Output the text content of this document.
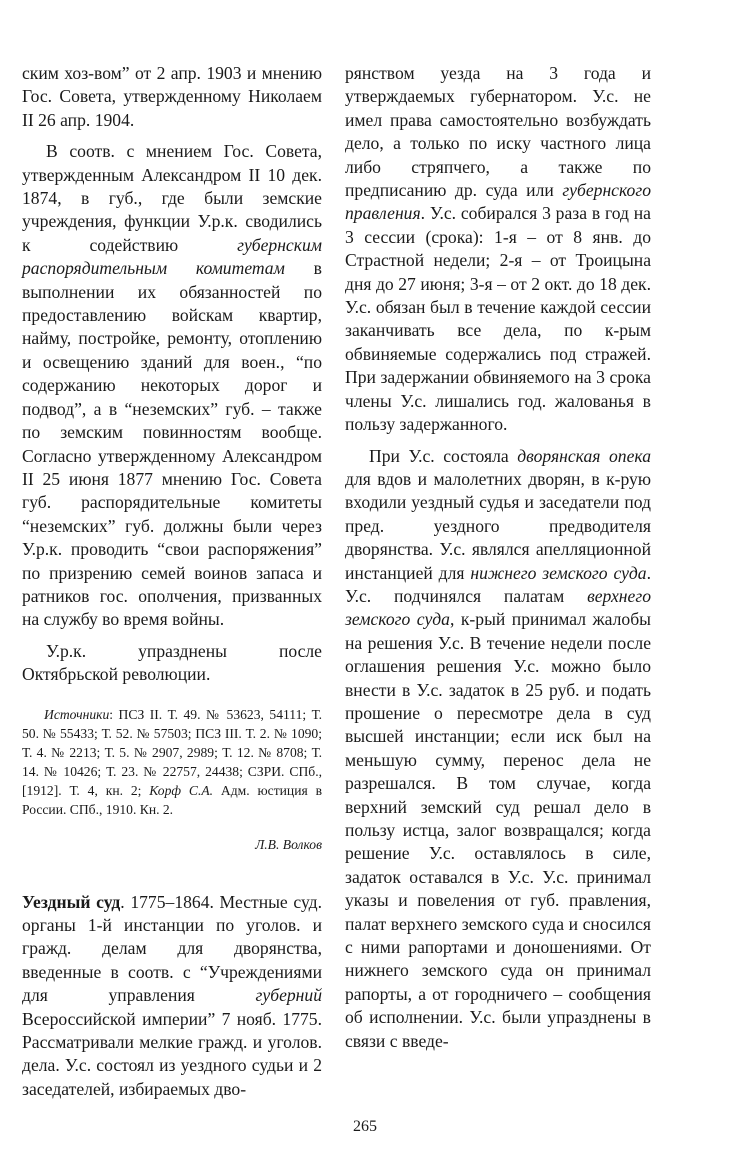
ским хоз-вом” от 2 апр. 1903 и мнению Гос. Совета, утвержденному Николаем II 26 апр. 1904.

В соотв. с мнением Гос. Совета, утвержденным Александром II 10 дек. 1874, в губ., где были земские учреждения, функции У.р.к. сводились к содействию губернским распорядительным комитетам в выполнении их обязанностей по предоставлению войскам квартир, найму, постройке, ремонту, отоплению и освещению зданий для воен., “по содержанию некоторых дорог и подвод”, а в “неземских” губ. – также по земским повинностям вообще. Согласно утвержденному Александром II 25 июня 1877 мнению Гос. Совета губ. распорядительные комитеты “неземских” губ. должны были через У.р.к. проводить “свои распоряжения” по призрению семей воинов запаса и ратников гос. ополчения, призванных на службу во время войны.

У.р.к. упразднены после Октябрьской революции.

Источники: ПСЗ II. Т. 49. № 53623, 54111; Т. 50. № 55433; Т. 52. № 57503; ПСЗ III. Т. 2. № 1090; Т. 4. № 2213; Т. 5. № 2907, 2989; Т. 12. № 8708; Т. 14. № 10426; Т. 23. № 22757, 24438; СЗРИ. СПб., [1912]. Т. 4, кн. 2; Корф С.А. Адм. юстиция в России. СПб., 1910. Кн. 2.

Л.В. Волков

Уездный суд. 1775–1864. Местные суд. органы 1-й инстанции по уголов. и гражд. делам для дворянства, введенные в соотв. с “Учреждениями для управления губерний Всероссийской империи” 7 нояб. 1775. Рассматривали мелкие гражд. и уголов. дела. У.с. состоял из уездного судьи и 2 заседателей, избираемых дво-

рянством уезда на 3 года и утверждаемых губернатором. У.с. не имел права самостоятельно возбуждать дело, а только по иску частного лица либо стряпчего, а также по предписанию др. суда или губернского правления. У.с. собирался 3 раза в год на 3 сессии (срока): 1-я – от 8 янв. до Страстной недели; 2-я – от Троицына дня до 27 июня; 3-я – от 2 окт. до 18 дек. У.с. обязан был в течение каждой сессии заканчивать все дела, по к-рым обвиняемые содержались под стражей. При задержании обвиняемого на 3 срока члены У.с. лишались год. жалованья в пользу задержанного.

При У.с. состояла дворянская опека для вдов и малолетних дворян, в к-рую входили уездный судья и заседатели под пред. уездного предводителя дворянства. У.с. являлся апелляционной инстанцией для нижнего земского суда. У.с. подчинялся палатам верхнего земского суда, к-рый принимал жалобы на решения У.с. В течение недели после оглашения решения У.с. можно было внести в У.с. задаток в 25 руб. и подать прошение о пересмотре дела в суд высшей инстанции; если иск был на меньшую сумму, перенос дела не разрешался. В том случае, когда верхний земский суд решал дело в пользу истца, залог возвращался; когда решение У.с. оставлялось в силе, задаток оставался в У.с. У.с. принимал указы и повеления от губ. правления, палат верхнего земского суда и сносился с ними рапортами и доношениями. От нижнего земского суда он принимал рапорты, а от городничего – сообщения об исполнении. У.с. были упразднены в связи с введе-

265
